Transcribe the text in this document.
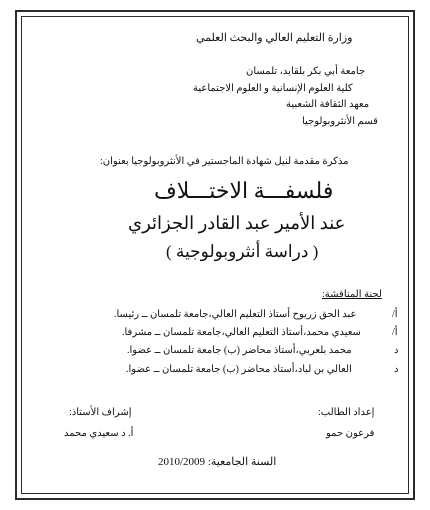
وزارة التعليم العالي والبحث العلمي
جامعة أبي بكر بلقايد، تلمسان
كلية العلوم الإنسانية و العلوم الاجتماعية
معهد الثقافة الشعبية
قسم الأنثروبولوجيا
مذكرة مقدمة لنيل شهادة الماجستير في الأنثروبولوجيا بعنوان:
فلسفـــة الاختـــلاف
عند الأمير عبد القادر الجزائري
( دراسة أنثروبولوجية )
لجنة المناقشة:
أ/
عبد الحق زريوح أستاذ التعليم العالي،جامعة تلمسان ــ رئيسا.
أ/
سعيدي محمد،أستاذ التعليم العالي،جامعة تلمسان ــ مشرفا.
د
محمد بلعربي،أستاذ محاضر (ب) جامعة تلمسان ــ عضوا.
د
العالي بن لباد،أستاذ محاضر (ب) جامعة تلمسان ــ عضوا.
إعداد الطالب:
فرعون حمو
إشراف الأستاذ:
أ. د سعيدي محمد
السنة الجامعية: 2010/2009
